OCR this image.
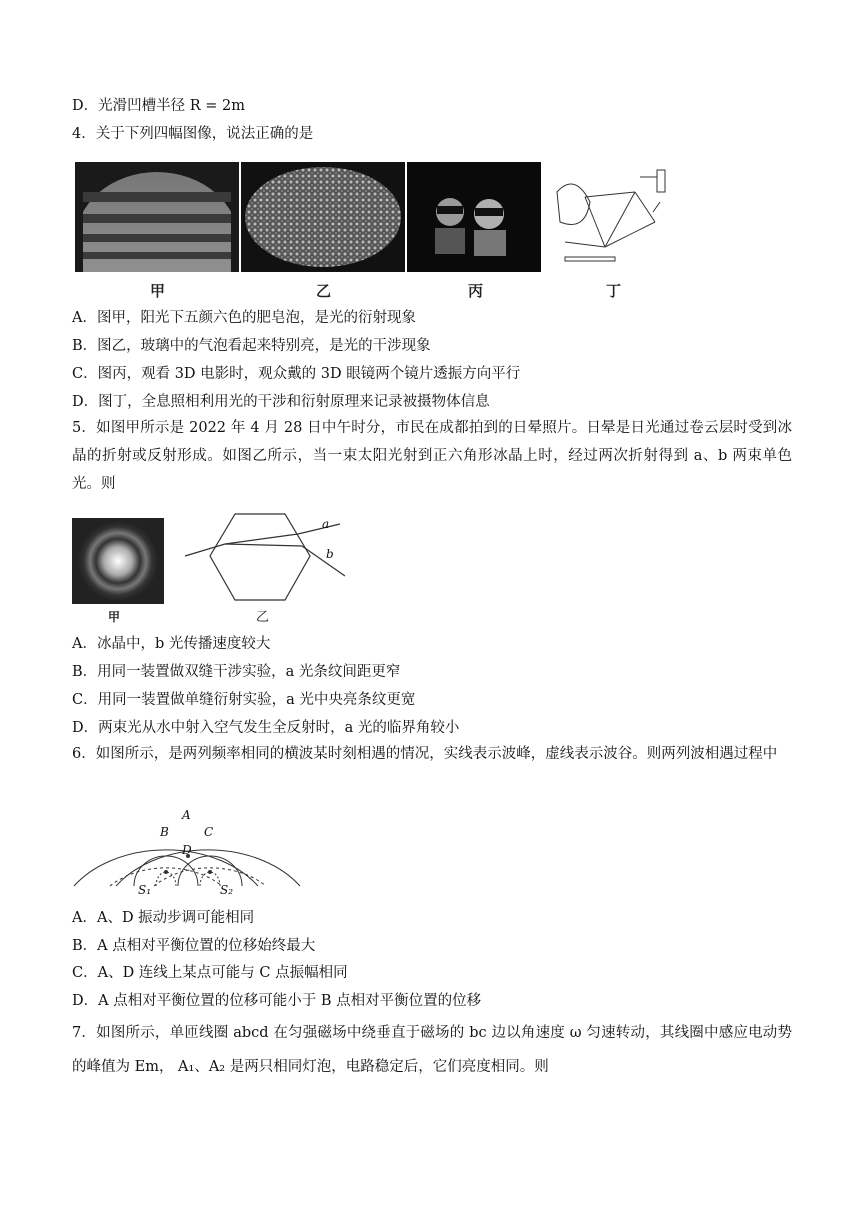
D．光滑凹槽半径 R = 2m
4．关于下列四幅图像，说法正确的是
甲	乙	丙	丁
A．图甲，阳光下五颜六色的肥皂泡，是光的衍射现象
B．图乙，玻璃中的气泡看起来特别亮，是光的干涉现象
C．图丙，观看 3D 电影时，观众戴的 3D 眼镜两个镜片透振方向平行
D．图丁，全息照相利用光的干涉和衍射原理来记录被摄物体信息
5．如图甲所示是 2022 年 4 月 28 日中午时分，市民在成都拍到的日晕照片。日晕是日光通过卷云层时受到冰晶的折射或反射形成。如图乙所示，当一束太阳光射到正六角形冰晶上时，经过两次折射得到 a、b 两束单色光。则
甲
a
b
乙
A．冰晶中，b 光传播速度较大
B．用同一装置做双缝干涉实验，a 光条纹间距更窄
C．用同一装置做单缝衍射实验，a 光中央亮条纹更宽
D．两束光从水中射入空气发生全反射时，a 光的临界角较小
6．如图所示，是两列频率相同的横波某时刻相遇的情况，实线表示波峰，虚线表示波谷。则两列波相遇过程中
A
B	C
D
S₁	S₂
A．A、D 振动步调可能相同
B．A 点相对平衡位置的位移始终最大
C．A、D 连线上某点可能与 C 点振幅相同
D．A 点相对平衡位置的位移可能小于 B 点相对平衡位置的位移
7．如图所示，单匝线圈 abcd 在匀强磁场中绕垂直于磁场的 bc 边以角速度 ω 匀速转动，其线圈中感应电动势的峰值为 Em， A₁、A₂ 是两只相同灯泡，电路稳定后，它们亮度相同。则
